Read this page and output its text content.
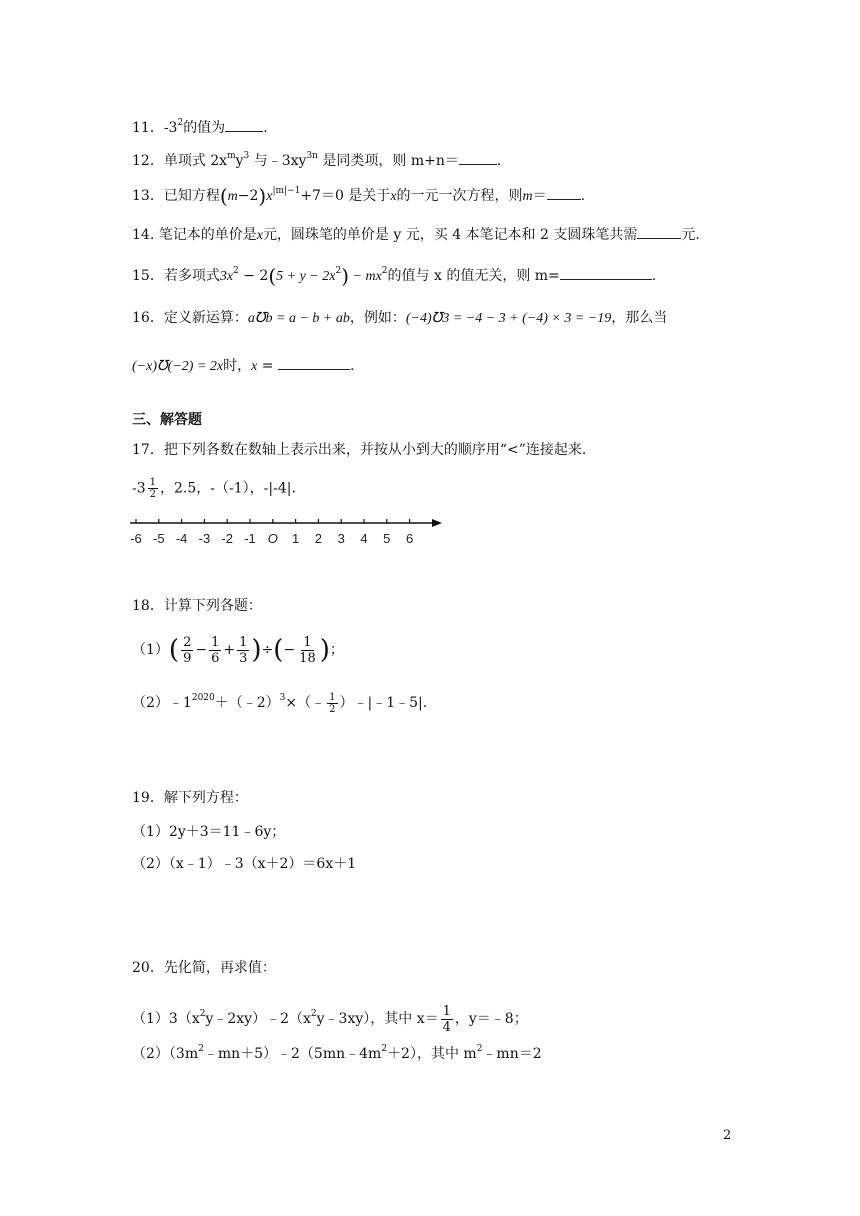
11．$-3^2$的值为	.
12．单项式 $2x^my^3$ 与$﹣3xy^{3n}$ 是同类项，则 m+n＝	.
13．已知方程$(m-2)x^{|m|-1}+7=0$ 是关于x的一元一次方程，则m＝ .
14. 笔记本的单价是x元，圆珠笔的单价是 y 元，买 4 本笔记本和 2 支圆珠笔共需	元.
15．若多项式$3x^2 - 2(5 + y - 2x^2) - mx^2$的值与 x 的值无关，则 m=	.
16．定义新运算：a℧b = a − b + ab，例如：(−4)℧3 = −4 − 3 + (−4) × 3 = −19，那么当
(−x)℧(−2) = 2x时，x =	.
三、解答题
17．把下列各数在数轴上表示出来，并按从小到大的顺序用“<”连接起来.
$-3 \frac{1}{2}$ ，2.5，-（-1），-|-4|.
-6 -5 -4 -3 -2 -1 O 1 2 3 4 5 6
18．计算下列各题：
$(1)( \frac{2}{9} - \frac{1}{6} + \frac{1}{3}$ )÷(− $\frac{1}{18}$ )；
$(2)﹣1^{2020}+(﹣2)^3\times(﹣ \frac{1}{2}$ ）﹣|﹣1﹣5|.
19．解下列方程：
（1）2y＋3＝11﹣6y；
（2）（x﹣1）﹣3（x＋2）＝6x＋1
20．先化简，再求值：
$(1)3(x^2y﹣2xy)﹣2(x^2y﹣3xy)$，其中 $x= \frac{1}{4}$ ，y＝﹣8；
$(2)(3m^2﹣mn+5)﹣2(5mn﹣4m^2+2)$，其中 $m^2﹣mn=2$
2
